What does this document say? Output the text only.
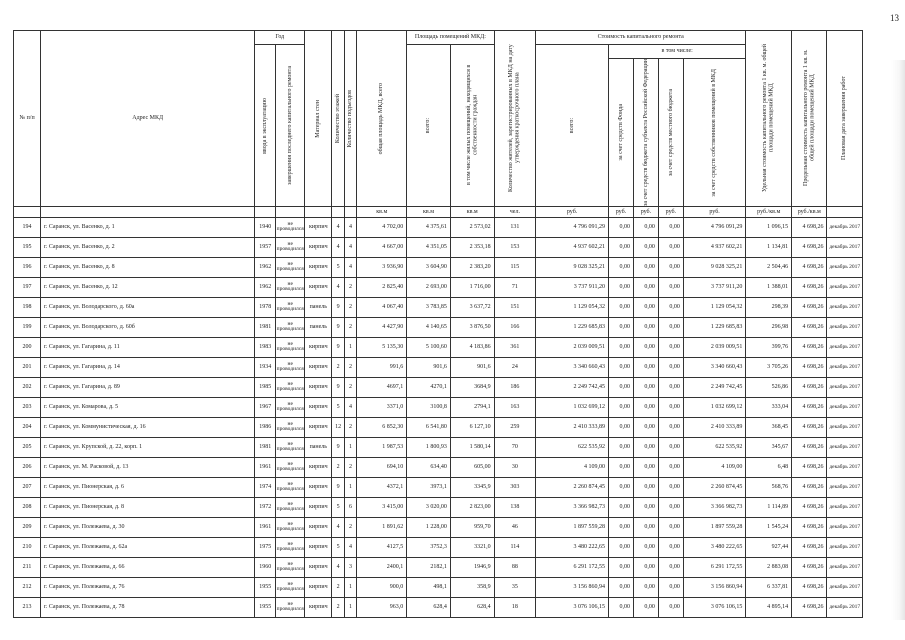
13
№ п/п	Адрес МКД	Год		Материал стен	Количество этажей	Количество подъездов	общая площадь МКД, всего	Площадь помещений МКД:		Количество жителей, зарегистрированных в МКД на дату утверждения краткосрочного плана	Стоимость капитального ремонта					Удельная стоимость капитального ремонта 1 кв. м. общей площади помещений МКД	Предельная стоимость капитального ремонта 1 кв. м. общей площади помещений МКД	Плановая дата завершения работ

		ввода в эксплуатацию	завершения последнего капитального ремонта					всего:	в том числе жилых помещений, находящихся в собственности граждан		всего:	в том числе:						

												за счет средств Фонда	за счет средств бюджета субъекта Российской Федерации	за счет средств местного бюджета	за счет средств собственников помещений в МКД			

							кв.м	кв.м	кв.м	чел.	руб.	руб.	руб.	руб.	руб.	руб./кв.м	руб./кв.м	
194	г. Саранск, ул. Васенко, д. 1	1940	не проводился	кирпич	4	4	4 702,00	4 375,61	2 573,02	131	4 796 091,29	0,00	0,00	0,00	4 796 091,29	1 096,15	4 698,26	декабрь 2017
195	г. Саранск, ул. Васенко, д. 2	1957	не проводился	кирпич	4	4	4 667,00	4 351,05	2 353,18	153	4 937 602,21	0,00	0,00	0,00	4 937 602,21	1 134,81	4 698,26	декабрь 2017
196	г. Саранск, ул. Васенко, д. 8	1962	не проводился	кирпич	5	4	3 936,90	3 604,90	2 383,20	115	9 028 325,21	0,00	0,00	0,00	9 028 325,21	2 504,46	4 698,26	декабрь 2017
197	г. Саранск, ул. Васенко, д. 12	1962	не проводился	кирпич	4	2	2 825,40	2 693,00	1 716,00	71	3 737 911,20	0,00	0,00	0,00	3 737 911,20	1 388,01	4 698,26	декабрь 2017
198	г. Саранск, ул. Володарского, д. 60а	1978	не проводился	панель	9	2	4 067,40	3 783,85	3 637,72	151	1 129 054,32	0,00	0,00	0,00	1 129 054,32	298,39	4 698,26	декабрь 2017
199	г. Саранск, ул. Володарского, д. 60б	1981	не проводился	панель	9	2	4 427,90	4 140,65	3 876,50	166	1 229 685,83	0,00	0,00	0,00	1 229 685,83	296,98	4 698,26	декабрь 2017
200	г. Саранск, ул. Гагарина, д. 11	1983	не проводился	кирпич	9	1	5 135,30	5 100,60	4 183,86	361	2 039 009,51	0,00	0,00	0,00	2 039 009,51	399,76	4 698,26	декабрь 2017
201	г. Саранск, ул. Гагарина, д. 14	1934	не проводился	кирпич	2	2	991,6	901,6	901,6	24	3 340 660,43	0,00	0,00	0,00	3 340 660,43	3 705,26	4 698,26	декабрь 2017
202	г. Саранск, ул. Гагарина, д. 89	1985	не проводился	кирпич	9	2	4697,1	4270,1	3684,9	186	2 249 742,45	0,00	0,00	0,00	2 249 742,45	526,86	4 698,26	декабрь 2017
203	г. Саранск, ул. Комарова, д. 5	1967	не проводился	кирпич	5	4	3371,0	3100,8	2794,1	163	1 032 699,12	0,00	0,00	0,00	1 032 699,12	333,04	4 698,26	декабрь 2017
204	г. Саранск, ул. Коммунистическая, д. 16	1986	не проводился	кирпич	12	2	6 852,30	6 541,80	6 127,10	259	2 410 333,89	0,00	0,00	0,00	2 410 333,89	368,45	4 698,26	декабрь 2017
205	г. Саранск, ул. Крупской, д. 22, корп. 1	1981	не проводился	панель	9	1	1 987,53	1 800,93	1 580,14	70	622 535,92	0,00	0,00	0,00	622 535,92	345,67	4 698,26	декабрь 2017
206	г. Саранск, ул. М. Расковой, д. 13	1961	не проводился	кирпич	2	2	694,10	634,40	605,00	30	4 109,00	0,00	0,00	0,00	4 109,00	6,48	4 698,26	декабрь 2017
207	г. Саранск, ул. Пионерская, д. 6	1974	не проводился	кирпич	9	1	4372,1	3973,1	3345,9	303	2 260 874,45	0,00	0,00	0,00	2 260 874,45	568,76	4 698,26	декабрь 2017
208	г. Саранск, ул. Пионерская, д. 8	1972	не проводился	кирпич	5	6	3 415,00	3 020,00	2 823,00	138	3 366 982,73	0,00	0,00	0,00	3 366 982,73	1 114,89	4 698,26	декабрь 2017
209	г. Саранск, ул. Полежаева, д. 30	1961	не проводился	кирпич	4	2	1 891,62	1 228,00	959,70	46	1 897 559,28	0,00	0,00	0,00	1 897 559,28	1 545,24	4 698,26	декабрь 2017
210	г. Саранск, ул. Полежаева, д. 62а	1975	не проводился	кирпич	5	4	4127,5	3752,3	3321,0	114	3 480 222,65	0,00	0,00	0,00	3 480 222,65	927,44	4 698,26	декабрь 2017
211	г. Саранск, ул. Полежаева, д. 66	1960	не проводился	кирпич	4	3	2400,1	2182,1	1946,9	88	6 291 172,55	0,00	0,00	0,00	6 291 172,55	2 883,08	4 698,26	декабрь 2017
212	г. Саранск, ул. Полежаева, д. 76	1955	не проводился	кирпич	2	1	900,0	498,1	358,9	35	3 156 860,94	0,00	0,00	0,00	3 156 860,94	6 337,81	4 698,26	декабрь 2017
213	г. Саранск, ул. Полежаева, д. 78	1955	не проводился	кирпич	2	1	963,0	628,4	628,4	18	3 076 106,15	0,00	0,00	0,00	3 076 106,15	4 895,14	4 698,26	декабрь 2017
